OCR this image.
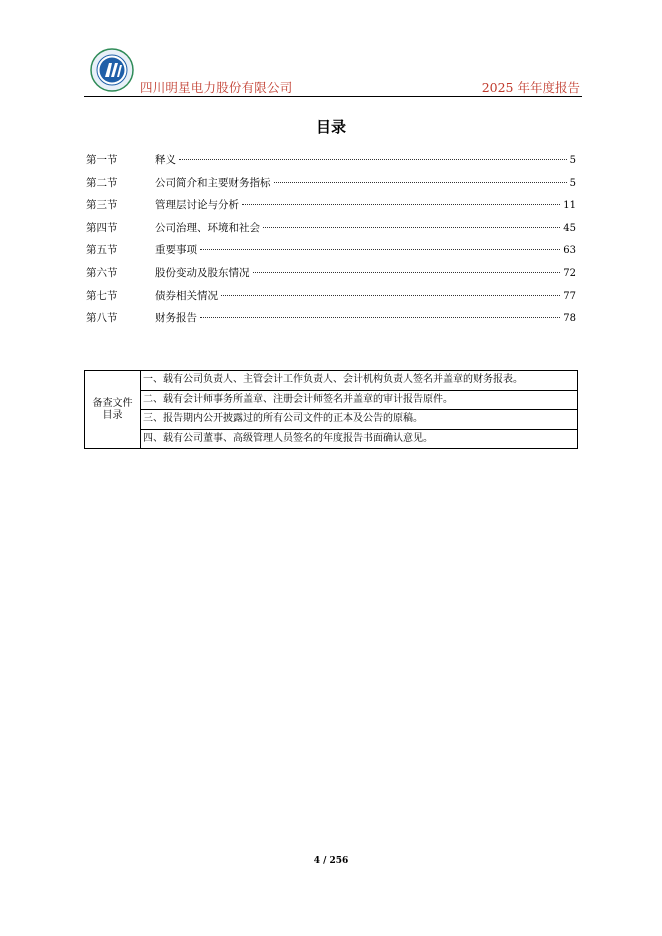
四川明星电力股份有限公司	2025 年年度报告
目录
第一节	释义	5
第二节	公司简介和主要财务指标	5
第三节	管理层讨论与分析	11
第四节	公司治理、环境和社会	45
第五节	重要事项	63
第六节	股份变动及股东情况	72
第七节	债券相关情况	77
第八节	财务报告	78
备查文件
目录
	一、载有公司负责人、主管会计工作负责人、会计机构负责人签名并盖章的财务报表。
二、载有会计师事务所盖章、注册会计师签名并盖章的审计报告原件。
三、报告期内公开披露过的所有公司文件的正本及公告的原稿。
四、载有公司董事、高级管理人员签名的年度报告书面确认意见。
4 / 256
